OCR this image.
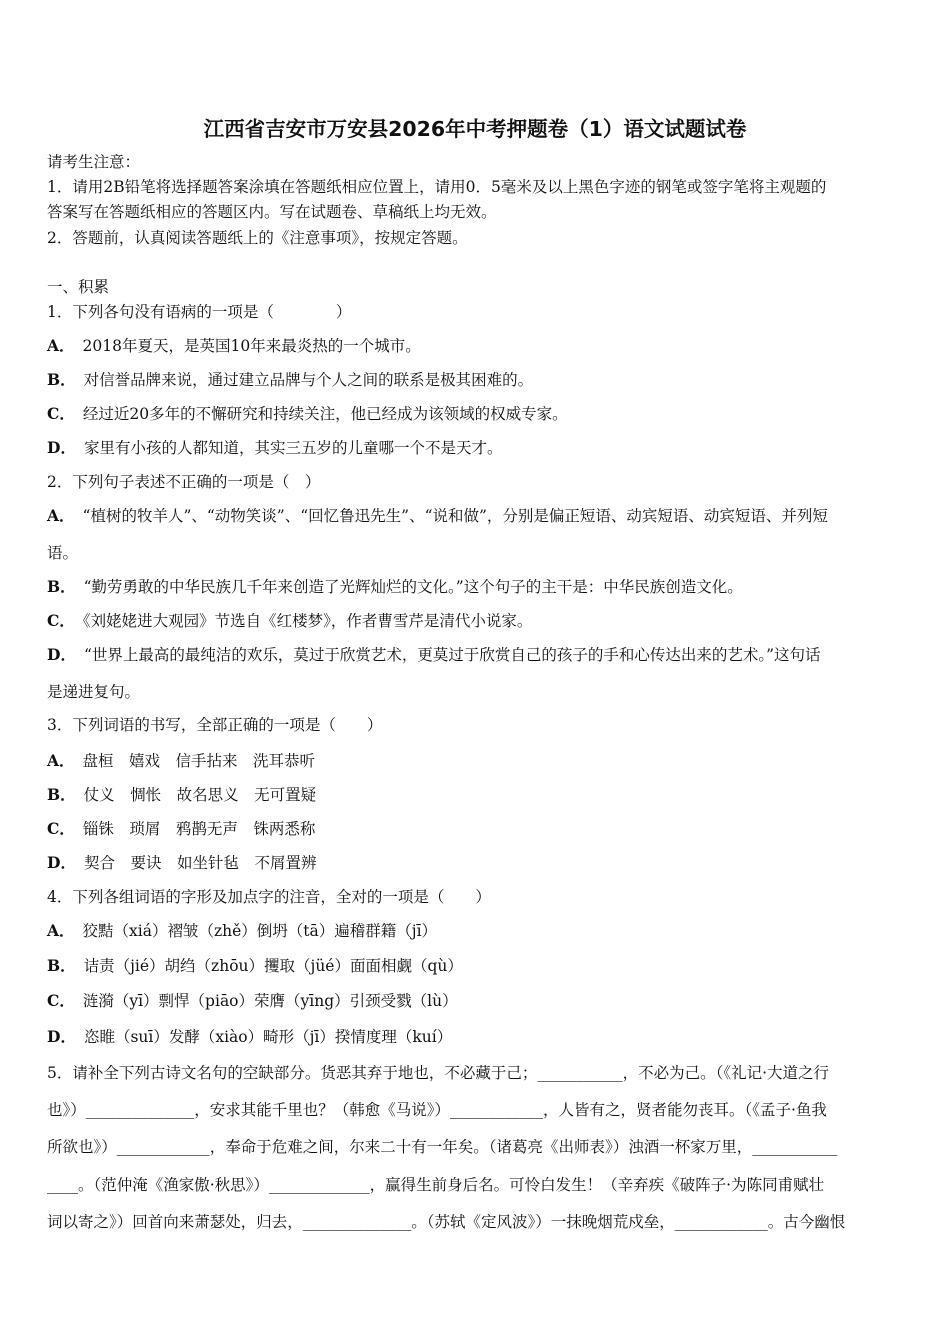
江西省吉安市万安县2026年中考押题卷（1）语文试题试卷
请考生注意：
1．请用2B铅笔将选择题答案涂填在答题纸相应位置上，请用0．5毫米及以上黑色字迹的钢笔或签字笔将主观题的
答案写在答题纸相应的答题区内。写在试题卷、草稿纸上均无效。
2．答题前，认真阅读答题纸上的《注意事项》，按规定答题。
一、积累
1．下列各句没有语病的一项是（　　　　）
A． 2018年夏天，是英国10年来最炎热的一个城市。
B． 对信誉品牌来说，通过建立品牌与个人之间的联系是极其困难的。
C． 经过近20多年的不懈研究和持续关注，他已经成为该领域的权威专家。
D． 家里有小孩的人都知道，其实三五岁的儿童哪一个不是天才。
2．下列句子表述不正确的一项是（　）
A． “植树的牧羊人”、“动物笑谈”、“回忆鲁迅先生”、“说和做”，分别是偏正短语、动宾短语、动宾短语、并列短
语。
B． “勤劳勇敢的中华民族几千年来创造了光辉灿烂的文化。”这个句子的主干是：中华民族创造文化。
C． 《刘姥姥进大观园》节选自《红楼梦》，作者曹雪芹是清代小说家。
D． “世界上最高的最纯洁的欢乐，莫过于欣赏艺术，更莫过于欣赏自己的孩子的手和心传达出来的艺术。”这句话
是递进复句。
3．下列词语的书写，全部正确的一项是（　　）
A． 盘桓　嬉戏　信手拈来　洗耳恭听
B． 仗义　惆怅　故名思义　无可置疑
C． 锱铢　琐屑　鸦鹊无声　铢两悉称
D． 契合　要诀　如坐针毡　不屑置辨
4．下列各组词语的字形及加点字的注音，全对的一项是（　　）
A． 狡黠（xiá）褶皱（zhě）倒坍（tā）遍稽群籍（jī）
B． 诘责（jié）胡绉（zhōu）攫取（jüé）面面相觑（qù）
C． 涟漪（yī）剽悍（piāo）荣膺（yīng）引颈受戮（lù）
D． 恣睢（suī）发酵（xiào）畸形（jī）揆情度理（kuí）
5．请补全下列古诗文名句的空缺部分。货恶其弃于地也，不必藏于己；___________，不必为己。（《礼记·大道之行
也》）______________，安求其能千里也？（韩愈《马说》）____________，人皆有之，贤者能勿丧耳。（《孟子·鱼我
所欲也》）____________，奉命于危难之间，尔来二十有一年矣。（诸葛亮《出师表》）浊酒一杯家万里，___________
____。（范仲淹《渔家傲·秋思》）_____________，赢得生前身后名。可怜白发生！（辛弃疾《破阵子·为陈同甫赋壮
词以寄之》）回首向来萧瑟处，归去，______________。（苏轼《定风波》）一抹晚烟荒戍垒，____________。古今幽恨
